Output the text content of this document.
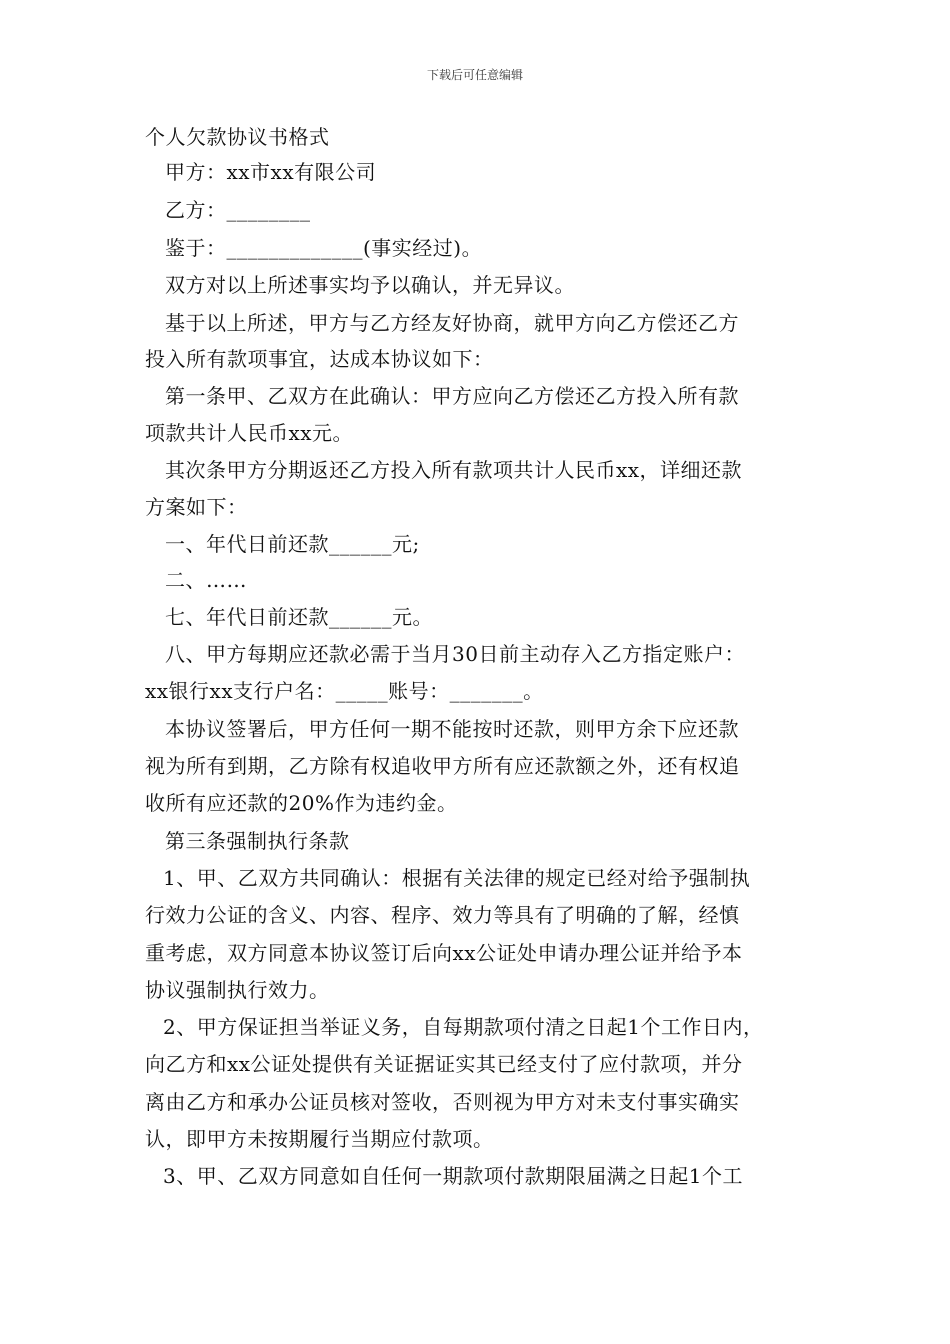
下载后可任意编辑
个人欠款协议书格式
甲方：xx市xx有限公司
乙方：________
鉴于：_____________(事实经过)。
双方对以上所述事实均予以确认，并无异议。
基于以上所述，甲方与乙方经友好协商，就甲方向乙方偿还乙方
投入所有款项事宜，达成本协议如下：
第一条甲、乙双方在此确认：甲方应向乙方偿还乙方投入所有款
项款共计人民币xx元。
其次条甲方分期返还乙方投入所有款项共计人民币xx，详细还款
方案如下：
一、年代日前还款______元;
二、……
七、年代日前还款______元。
八、甲方每期应还款必需于当月30日前主动存入乙方指定账户：
xx银行xx支行户名：_____账号：_______。
本协议签署后，甲方任何一期不能按时还款，则甲方余下应还款
视为所有到期，乙方除有权追收甲方所有应还款额之外，还有权追
收所有应还款的20%作为违约金。
第三条强制执行条款
1、甲、乙双方共同确认：根据有关法律的规定已经对给予强制执
行效力公证的含义、内容、程序、效力等具有了明确的了解，经慎
重考虑，双方同意本协议签订后向xx公证处申请办理公证并给予本
协议强制执行效力。
2、甲方保证担当举证义务，自每期款项付清之日起1个工作日内，
向乙方和xx公证处提供有关证据证实其已经支付了应付款项，并分
离由乙方和承办公证员核对签收，否则视为甲方对未支付事实确实
认，即甲方未按期履行当期应付款项。
3、甲、乙双方同意如自任何一期款项付款期限届满之日起1个工
